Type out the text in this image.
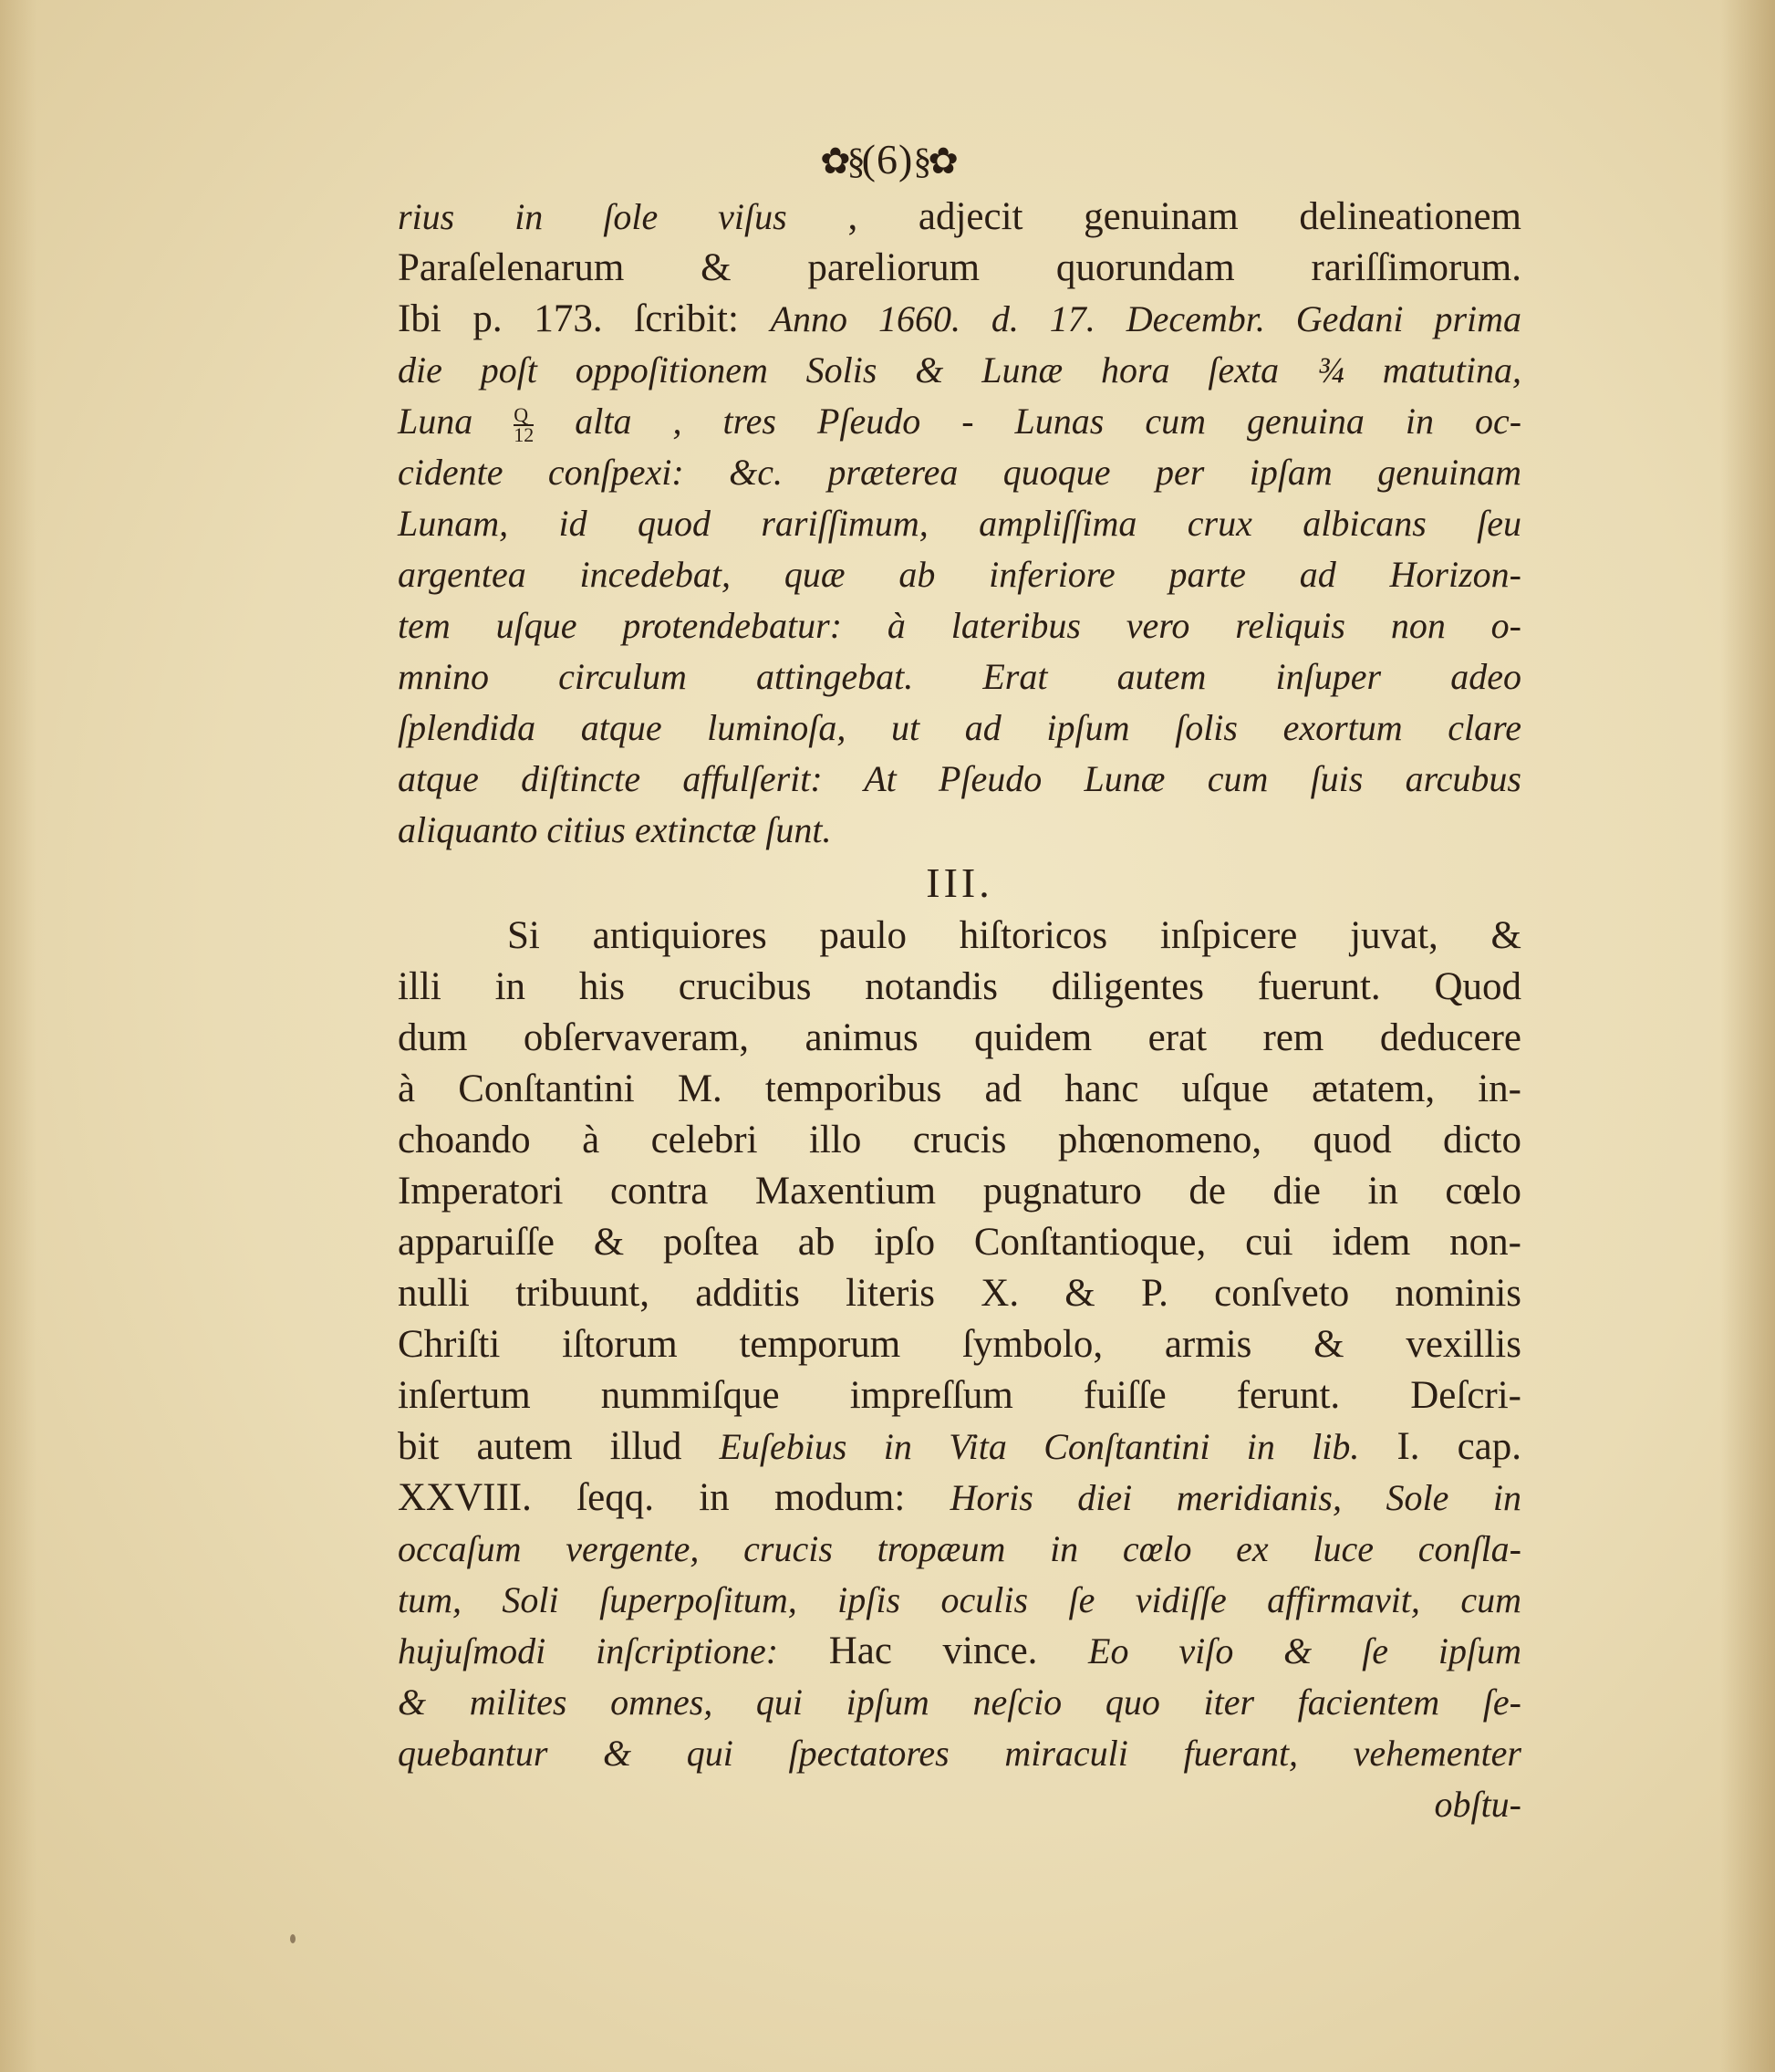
✿§(6)§✿
rius in ſole viſus , adjecit genuinam delineationem
Paraſelenarum & pareliorum quorundam rariſſimorum.
Ibi p. 173. ſcribit: Anno 1660. d. 17. Decembr. Gedani prima
die poſt oppoſitionem Solis & Lunæ hora ſexta ¾ matutina,
Luna $\frac{Q}{12}$ alta , tres Pſeudo - Lunas cum genuina in oc-
cidente conſpexi: &c. præterea quoque per ipſam genuinam
Lunam, id quod rariſſimum, ampliſſima crux albicans ſeu
argentea incedebat, quæ ab inferiore parte ad Horizon-
tem uſque protendebatur: à lateribus vero reliquis non o-
mnino circulum attingebat. Erat autem inſuper adeo
ſplendida atque luminoſa, ut ad ipſum ſolis exortum clare
atque diſtincte affulſerit: At Pſeudo Lunæ cum ſuis arcubus
aliquanto citius extinctæ ſunt.
III.
Si antiquiores paulo hiſtoricos inſpicere juvat, &
illi in his crucibus notandis diligentes fuerunt. Quod
dum obſervaveram, animus quidem erat rem deducere
à Conſtantini M. temporibus ad hanc uſque ætatem, in-
choando à celebri illo crucis phœnomeno, quod dicto
Imperatori contra Maxentium pugnaturo de die in cœlo
apparuiſſe & poſtea ab ipſo Conſtantioque, cui idem non-
nulli tribuunt, additis literis X. & P. conſveto nominis
Chriſti iſtorum temporum ſymbolo, armis & vexillis
inſertum nummiſque impreſſum fuiſſe ferunt. Deſcri-
bit autem illud Euſebius in Vita Conſtantini in lib. I. cap.
XXVIII. ſeqq. in modum: Horis diei meridianis, Sole in
occaſum vergente, crucis tropæum in cœlo ex luce conſla-
tum, Soli ſuperpoſitum, ipſis oculis ſe vidiſſe affirmavit, cum
hujuſmodi inſcriptione: Hac vince. Eo viſo & ſe ipſum
& milites omnes, qui ipſum neſcio quo iter facientem ſe-
quebantur & qui ſpectatores miraculi fuerant, vehementer
obſtu-
